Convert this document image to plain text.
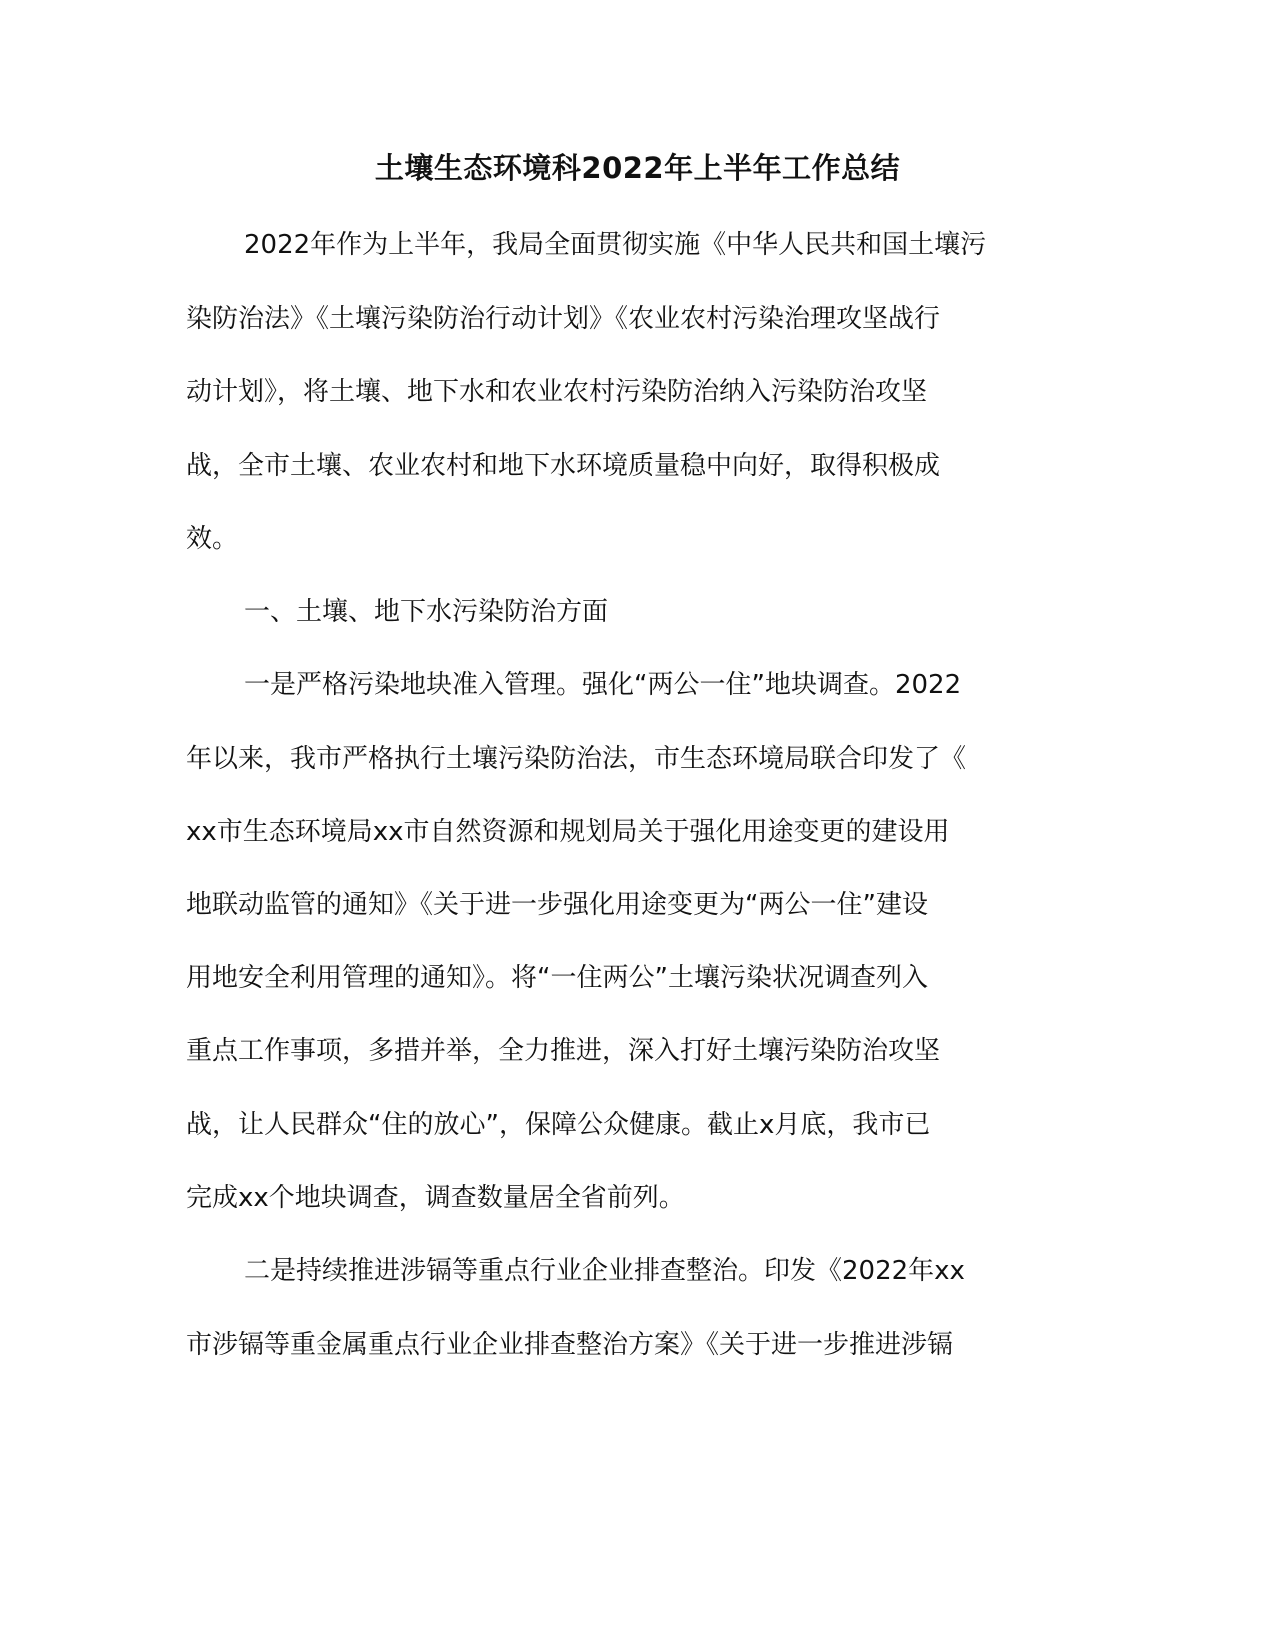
土壤生态环境科2022年上半年工作总结
2022年作为上半年，我局全面贯彻实施《中华人民共和国土壤污
染防治法》《土壤污染防治行动计划》《农业农村污染治理攻坚战行
动计划》，将土壤、地下水和农业农村污染防治纳入污染防治攻坚
战，全市土壤、农业农村和地下水环境质量稳中向好，取得积极成
效。
一、土壤、地下水污染防治方面
一是严格污染地块准入管理。强化“两公一住”地块调查。2022
年以来，我市严格执行土壤污染防治法，市生态环境局联合印发了《
xx市生态环境局xx市自然资源和规划局关于强化用途变更的建设用
地联动监管的通知》《关于进一步强化用途变更为“两公一住”建设
用地安全利用管理的通知》。将“一住两公”土壤污染状况调查列入
重点工作事项，多措并举，全力推进，深入打好土壤污染防治攻坚
战，让人民群众“住的放心”，保障公众健康。截止x月底，我市已
完成xx个地块调查，调查数量居全省前列。
二是持续推进涉镉等重点行业企业排查整治。印发《2022年xx
市涉镉等重金属重点行业企业排查整治方案》《关于进一步推进涉镉
